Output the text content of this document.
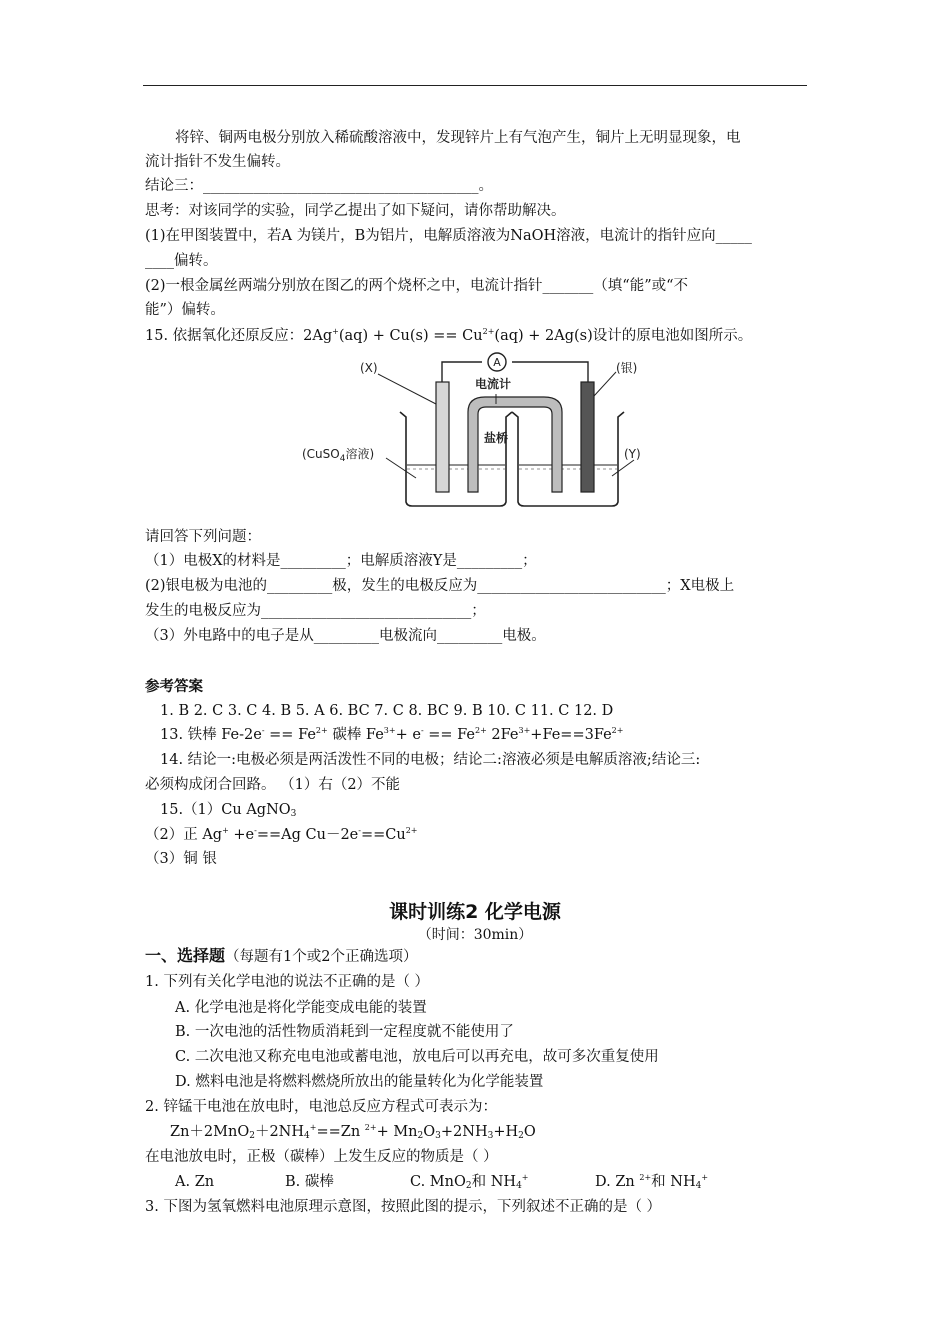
将锌、铜两电极分别放入稀硫酸溶液中，发现锌片上有气泡产生，铜片上无明显现象，电
流计指针不发生偏转。
结论三：______________________________________。
思考：对该同学的实验，同学乙提出了如下疑问，请你帮助解决。
(1)在甲图装置中，若A 为镁片，B为铝片，电解质溶液为NaOH溶液，电流计的指针应向_____
____偏转。
(2)一根金属丝两端分别放在图乙的两个烧杯之中，电流计指针_______（填“能”或“不
能”）偏转。
15. 依据氧化还原反应：$2Ag^+(aq) + Cu(s) == Cu^{2+}(aq) + 2Ag(s)$设计的原电池如图所示。
A
(X)	(银)
电流计
盐桥
(CuSO$_4$溶液)	(Y)
请回答下列问题：
（1）电极X的材料是_________；电解质溶液Y是_________；
(2)银电极为电池的_________极，发生的电极反应为__________________________；X电极上
发生的电极反应为_____________________________；
（3）外电路中的电子是从_________电极流向_________电极。
参考答案
1. B 2. C 3. C 4. B 5. A 6. BC 7. C 8. BC 9. B 10. C 11. C 12. D
13. 铁棒 $Fe-2e^- == Fe^{2+}$ 碳棒 $Fe^{3+}+ e^- == Fe^{2+}$ $2Fe^{3+}+Fe==3Fe^{2+}$
14. 结论一:电极必须是两活泼性不同的电极；结论二:溶液必须是电解质溶液;结论三:
必须构成闭合回路。 （1）右（2）不能
15.（1）Cu AgNO$_3$
（2）正 Ag+ +e-==Ag $Cu-2e^-==Cu^{2+}$
（3）铜 银
课时训练2 化学电源
（时间：30min）
一、选择题（每题有1个或2个正确选项）
1. 下列有关化学电池的说法不正确的是（ ）
A. 化学电池是将化学能变成电能的装置
B. 一次电池的活性物质消耗到一定程度就不能使用了
C. 二次电池又称充电电池或蓄电池，放电后可以再充电，故可多次重复使用
D. 燃料电池是将燃料燃烧所放出的能量转化为化学能装置
2. 锌锰干电池在放电时，电池总反应方程式可表示为：
$Zn+2MnO_2+2NH_4^+==Zn$ $^{2+}+ Mn_2O_3+2NH_3+H_2O$
在电池放电时，正极（碳棒）上发生反应的物质是（ ）
A. Zn	B. 碳棒	C. MnO$_2$和 $NH_4^+$	D. Zn $^{2+}$和 $NH_4^+$
3. 下图为氢氧燃料电池原理示意图，按照此图的提示，下列叙述不正确的是（ ）
